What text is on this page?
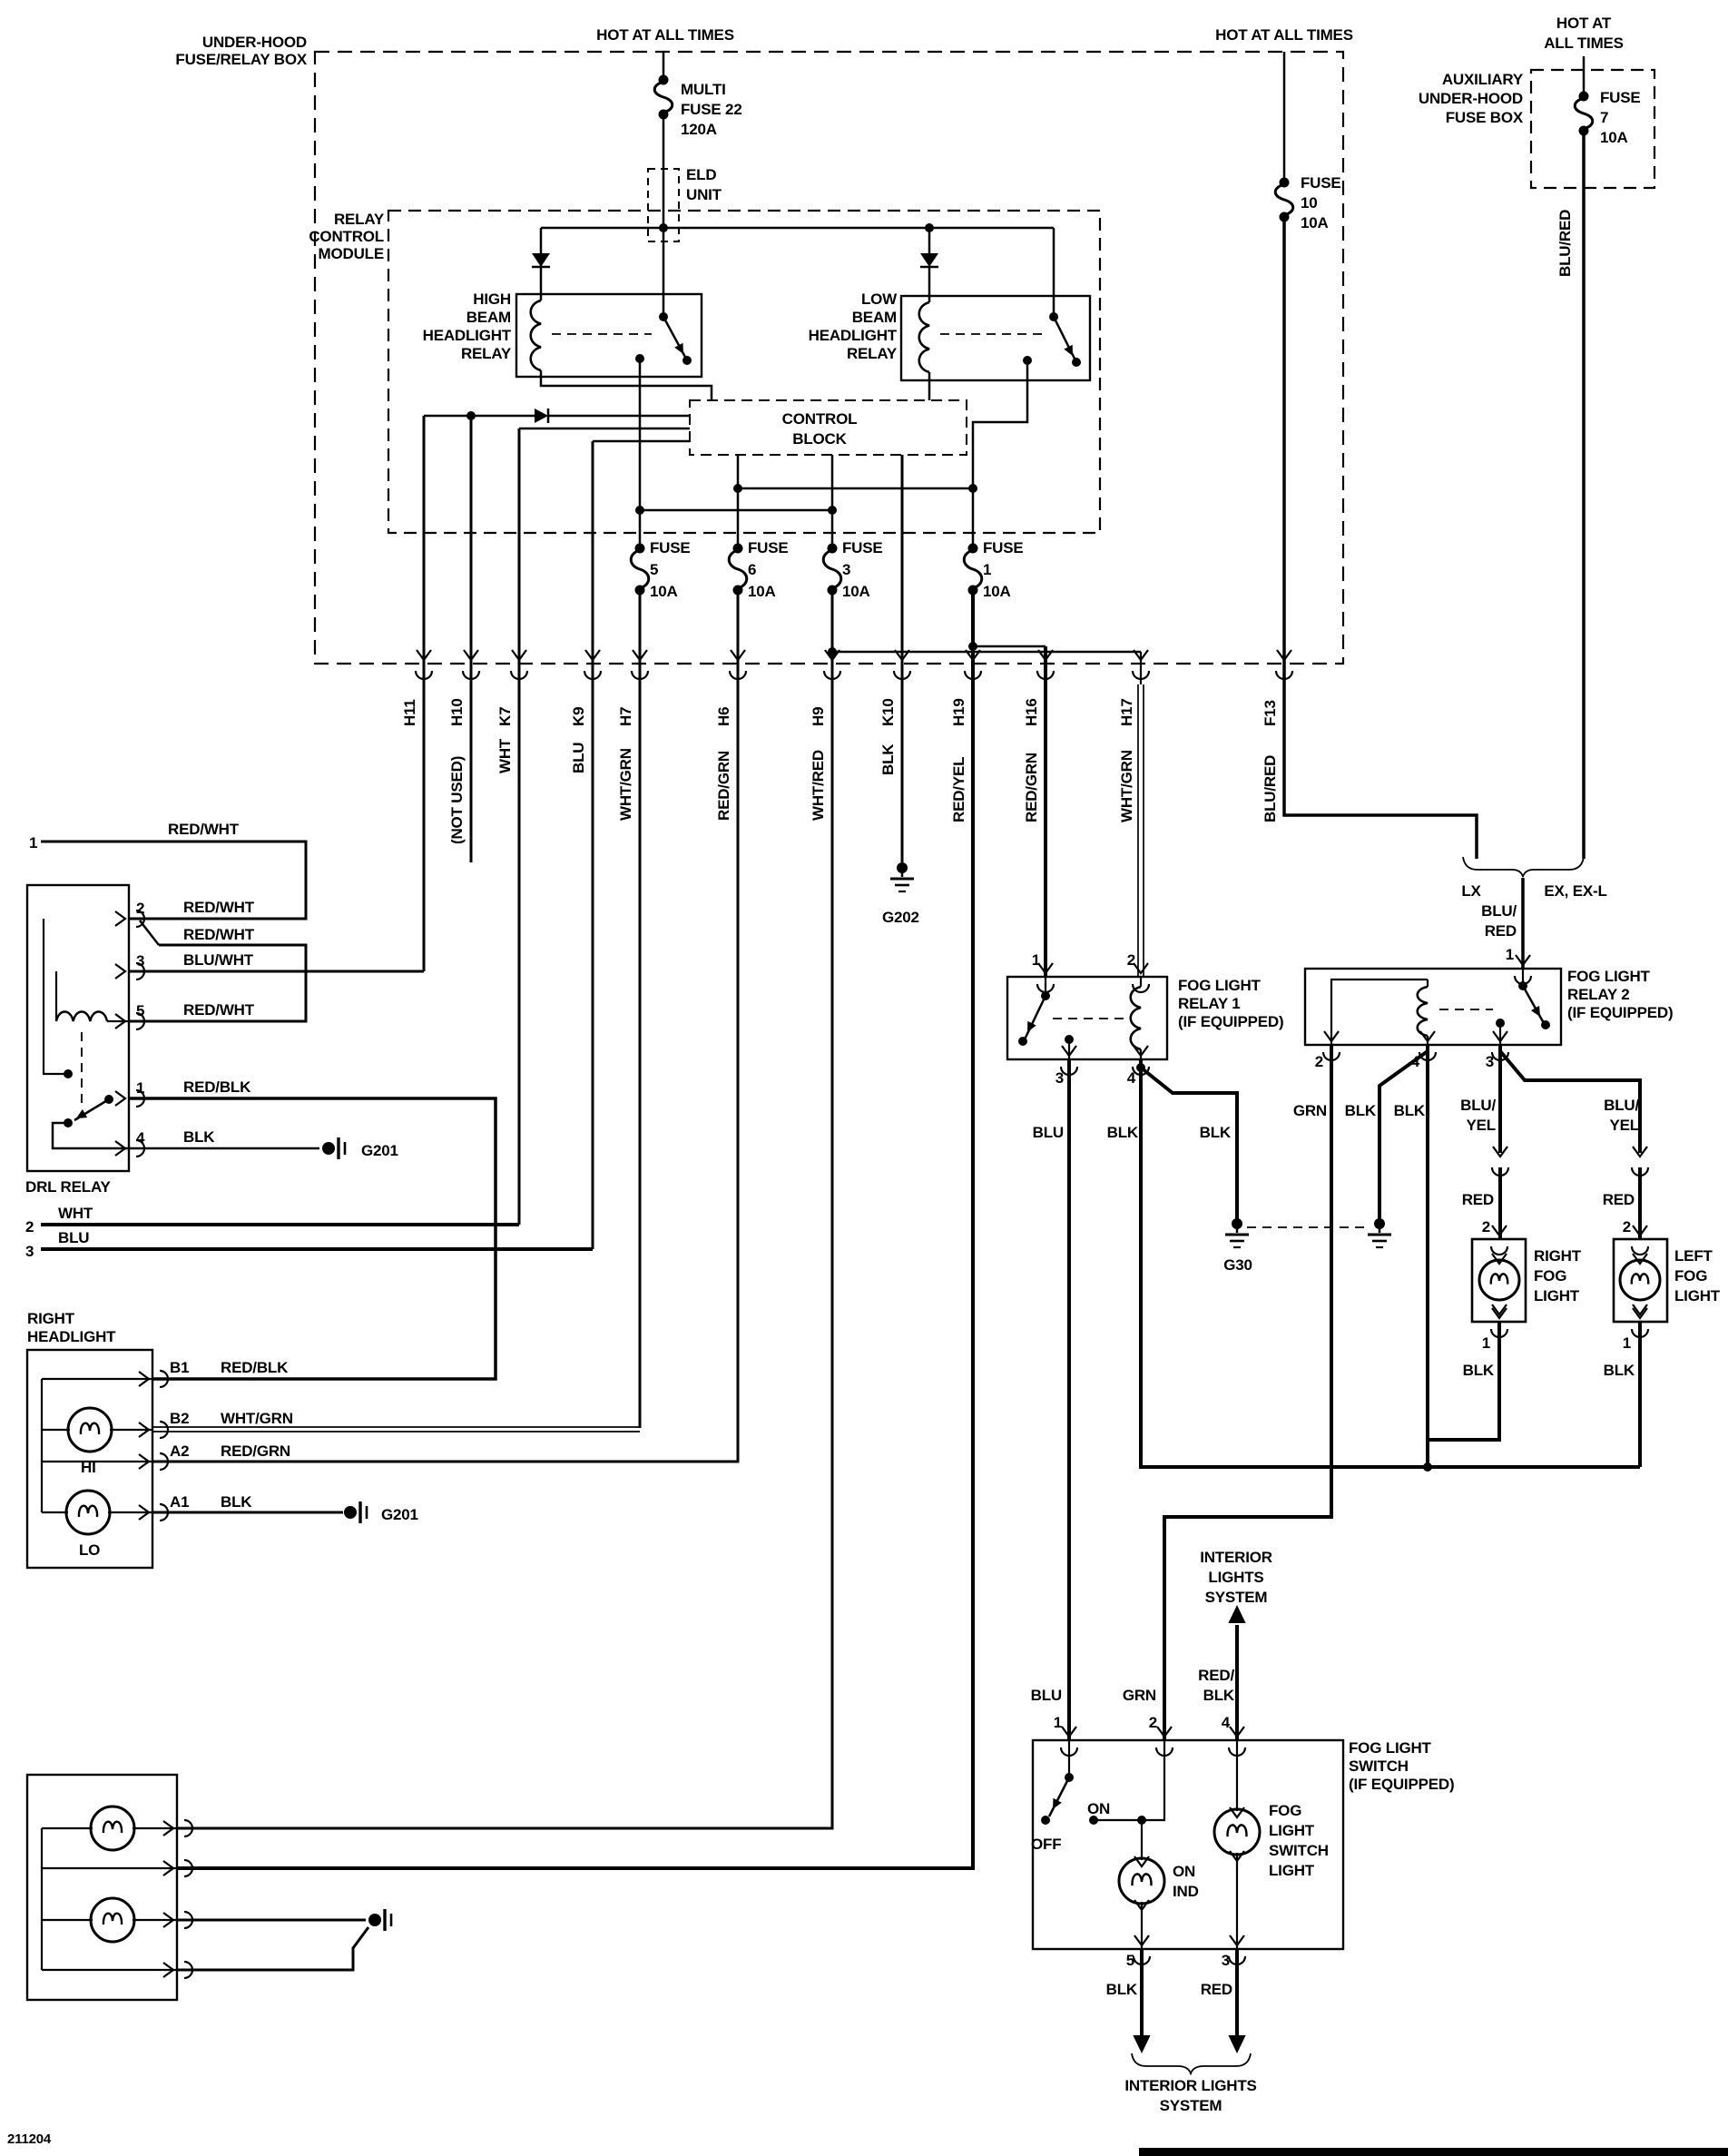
HOT AT ALL TIMES
UNDER-HOOD
FUSE/RELAY BOX
MULTI
FUSE 22
120A
ELD
UNIT
RELAY
CONTROL
MODULE
HIGH
BEAM
HEADLIGHT
RELAY
LOW
BEAM
HEADLIGHT
RELAY
CONTROL
BLOCK
HOT AT ALL TIMES
FUSE
10
10A
HOT AT
ALL TIMES
AUXILIARY
UNDER-HOOD
FUSE BOX
FUSE
7
10A
BLU/RED
FUSE
5
10A
FUSE
6
10A
FUSE
3
10A
FUSE
1
10A
H11 H10
(NOT USED)
K7
WHT
K9
BLU
H7
WHT/GRN
H6
RED/GRN
H9
WHT/RED
K10
BLK
H19
RED/YEL
H16
RED/GRN
H17
WHT/GRN
F13
BLU/RED
1
RED/WHT
2	RED/WHT
RED/WHT
3	BLU/WHT
5	RED/WHT
1	RED/BLK
4	BLK
G201
DRL RELAY
2
WHT
3
BLU
RIGHT
HEADLIGHT
B1 RED/BLK
B2 WHT/GRN
HI
A2 RED/GRN
A1 BLK
LO
G201
G202
FOG LIGHT
RELAY 1
(IF EQUIPPED)
1	2
3	4
BLU	BLK	BLK
G30
FOG LIGHT
RELAY 2
(IF EQUIPPED)
LX	EX, EX-L
BLU/
RED
1
2	4	3
GRN BLK BLK BLU/
YEL
BLU/
YEL
RED
2
RIGHT
FOG
LIGHT
1
BLK
RED
2
LEFT
FOG
LIGHT
1
BLK
INTERIOR
LIGHTS
SYSTEM
BLU	GRN
RED/
BLK
FOG LIGHT
SWITCH
(IF EQUIPPED)
1	2	4
ON
OFF
ON
IND
FOG
LIGHT
SWITCH
LIGHT
5	3
BLK	RED
INTERIOR LIGHTS
SYSTEM
211204
